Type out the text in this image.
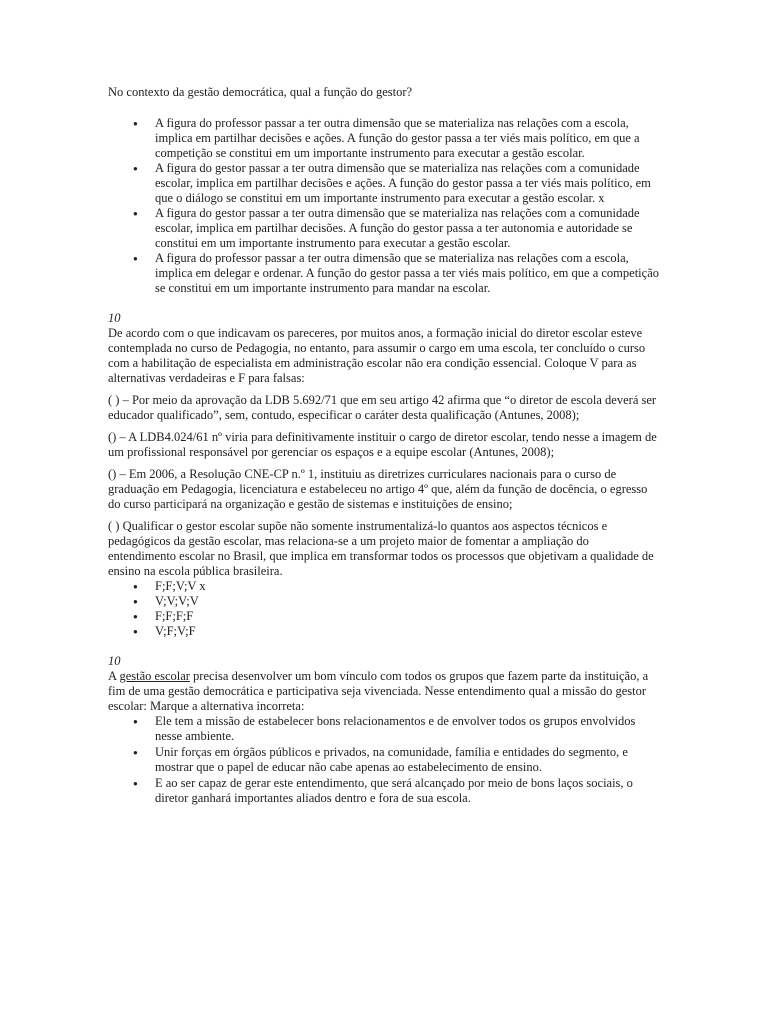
No contexto da gestão democrática, qual a função do gestor?

● A figura do professor passar a ter outra dimensão que se materializa nas relações com a escola, implica em partilhar decisões e ações. A função do gestor passa a ter viés mais político, em que a competição se constitui em um importante instrumento para executar a gestão escolar.
● A figura do gestor passar a ter outra dimensão que se materializa nas relações com a comunidade escolar, implica em partilhar decisões e ações. A função do gestor passa a ter viés mais político, em que o diálogo se constitui em um importante instrumento para executar a gestão escolar. x
● A figura do gestor passar a ter outra dimensão que se materializa nas relações com a comunidade escolar, implica em partilhar decisões. A função do gestor passa a ter autonomia e autoridade se constitui em um importante instrumento para executar a gestão escolar.
● A figura do professor passar a ter outra dimensão que se materializa nas relações com a escola, implica em delegar e ordenar. A função do gestor passa a ter viés mais político, em que a competição se constitui em um importante instrumento para mandar na escolar.

10

De acordo com o que indicavam os pareceres, por muitos anos, a formação inicial do diretor escolar esteve contemplada no curso de Pedagogia, no entanto, para assumir o cargo em uma escola, ter concluído o curso com a habilitação de especialista em administração escolar não era condição essencial. Coloque V para as alternativas verdadeiras e F para falsas:

( ) – Por meio da aprovação da LDB 5.692/71 que em seu artigo 42 afirma que “o diretor de escola deverá ser educador qualificado”, sem, contudo, especificar o caráter desta qualificação (Antunes, 2008);

() – A LDB4.024/61 nº viria para definitivamente instituir o cargo de diretor escolar, tendo nesse a imagem de um profissional responsável por gerenciar os espaços e a equipe escolar (Antunes, 2008);

() – Em 2006, a Resolução CNE-CP n.º 1, instituiu as diretrizes curriculares nacionais para o curso de graduação em Pedagogia, licenciatura e estabeleceu no artigo 4º que, além da função de docência, o egresso do curso participará na organização e gestão de sistemas e instituições de ensino;

( ) Qualificar o gestor escolar supõe não somente instrumentalizá-lo quantos aos aspectos técnicos e pedagógicos da gestão escolar, mas relaciona-se a um projeto maior de fomentar a ampliação do entendimento escolar no Brasil, que implica em transformar todos os processos que objetivam a qualidade de ensino na escola pública brasileira.

● F;F;V;V x
● V;V;V;V
● F;F;F;F
● V;F;V;F

10

A gestão escolar precisa desenvolver um bom vínculo com todos os grupos que fazem parte da instituição, a fim de uma gestão democrática e participativa seja vivenciada. Nesse entendimento qual a missão do gestor escolar: Marque a alternativa incorreta:

● Ele tem a missão de estabelecer bons relacionamentos e de envolver todos os grupos envolvidos nesse ambiente.
● Unir forças em órgãos públicos e privados, na comunidade, família e entidades do segmento, e mostrar que o papel de educar não cabe apenas ao estabelecimento de ensino.
● E ao ser capaz de gerar este entendimento, que será alcançado por meio de bons laços sociais, o diretor ganhará importantes aliados dentro e fora de sua escola.
